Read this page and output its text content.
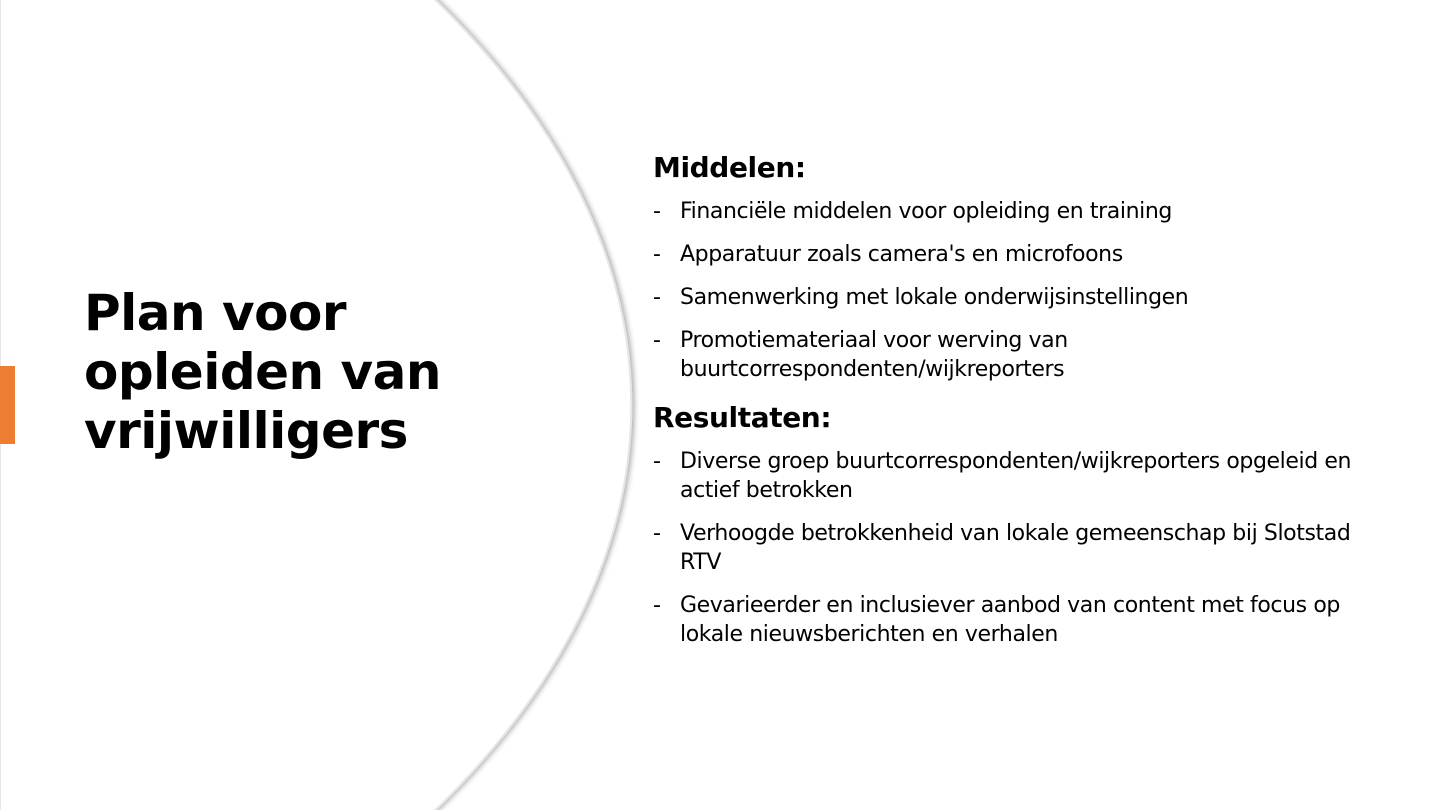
Plan voor opleiden van vrijwilligers
Middelen:
- Financiële middelen voor opleiding en training
- Apparatuur zoals camera's en microfoons
- Samenwerking met lokale onderwijsinstellingen
- Promotiemateriaal voor werving van buurtcorrespondenten/wijkreporters
Resultaten:
- Diverse groep buurtcorrespondenten/wijkreporters opgeleid en actief betrokken
- Verhoogde betrokkenheid van lokale gemeenschap bij Slotstad RTV
- Gevarieerder en inclusiever aanbod van content met focus op lokale nieuwsberichten en verhalen
